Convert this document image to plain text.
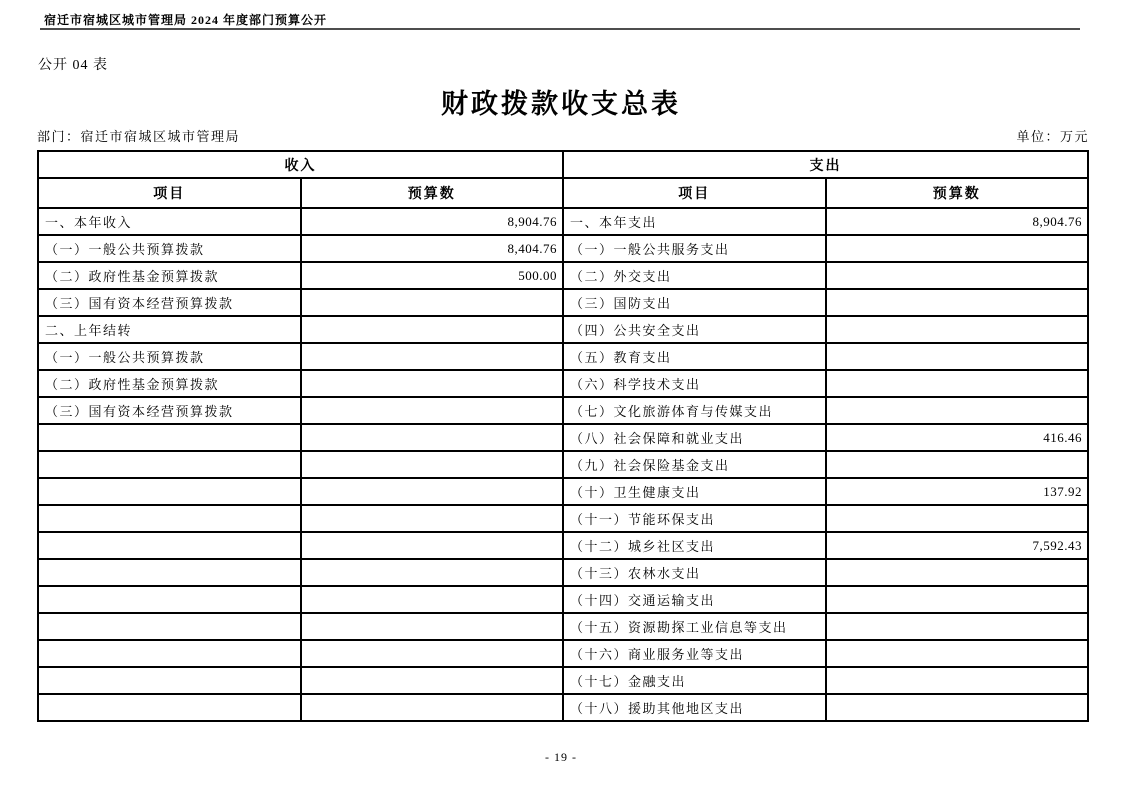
宿迁市宿城区城市管理局 2024 年度部门预算公开
公开 04 表
财政拨款收支总表
部门：宿迁市宿城区城市管理局	单位：万元
收入		支出	
项目	预算数	项目	预算数
一、本年收入	8,904.76	一、本年支出	8,904.76
（一）一般公共预算拨款	8,404.76	（一）一般公共服务支出	
（二）政府性基金预算拨款	500.00	（二）外交支出	
（三）国有资本经营预算拨款		（三）国防支出	
二、上年结转		（四）公共安全支出	
（一）一般公共预算拨款		（五）教育支出	
（二）政府性基金预算拨款		（六）科学技术支出	
（三）国有资本经营预算拨款		（七）文化旅游体育与传媒支出	
		（八）社会保障和就业支出	416.46
		（九）社会保险基金支出	
		（十）卫生健康支出	137.92
		（十一）节能环保支出	
		（十二）城乡社区支出	7,592.43
		（十三）农林水支出	
		（十四）交通运输支出	
		（十五）资源勘探工业信息等支出	
		（十六）商业服务业等支出	
		（十七）金融支出	
		（十八）援助其他地区支出	
- 19 -
